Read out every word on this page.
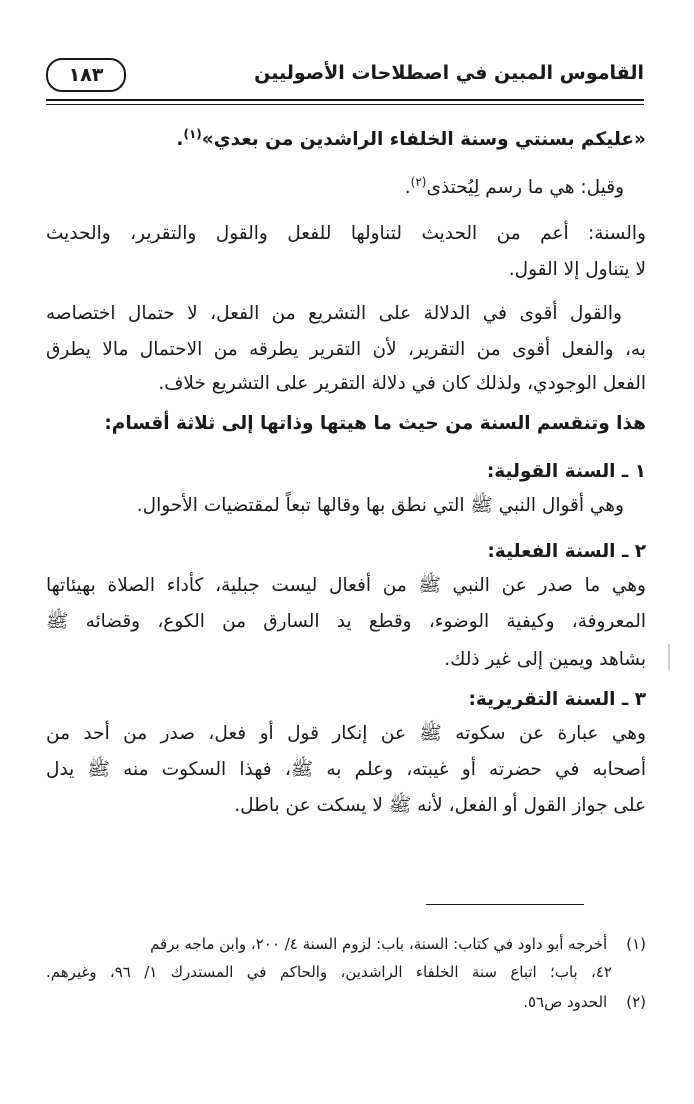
القاموس المبين في اصطلاحات الأصوليين
١٨٣
«عليكم بسنتي وسنة الخلفاء الراشدين من بعدي»$^{(١)}$.
وقيل: هي ما رسم لِيُحتذى$^{(٢)}$.
والسنة: أعم من الحديث لتناولها للفعل والقول والتقرير، والحديث
لا يتناول إلا القول.
والقول أقوى في الدلالة على التشريع من الفعل، لا حتمال اختصاصه
به، والفعل أقوى من التقرير، لأن التقرير يطرقه من الاحتمال مالا يطرق
الفعل الوجودي، ولذلك كان في دلالة التقرير على التشريع خلاف.
هذا وتنقسم السنة من حيث ما هيتها وذاتها إلى ثلاثة أقسام:
١ ـ السنة القولية:
وهي أقوال النبي ﷺ التي نطق بها وقالها تبعاً لمقتضيات الأحوال.
٢ ـ السنة الفعلية:
وهي ما صدر عن النبي ﷺ من أفعال ليست جبلية، كأداء الصلاة بهيئاتها
المعروفة، وكيفية الوضوء، وقطع يد السارق من الكوع، وقضائه ﷺ
بشاهد ويمين إلى غير ذلك.
٣ ـ السنة التقريرية:
وهي عبارة عن سكوته ﷺ عن إنكار قول أو فعل، صدر من أحد من
أصحابه في حضرته أو غيبته، وعلم به ﷺ، فهذا السكوت منه ﷺ يدل
على جواز القول أو الفعل، لأنه ﷺ لا يسكت عن باطل.
(١) أخرجه أبو داود في كتاب: السنة، باب: لزوم السنة ٤/ ٢٠٠، وابن ماجه برقم
٤٢، باب؛ اتباع سنة الخلفاء الراشدين، والحاكم في المستدرك ١/ ٩٦، وغيرهم.
(٢) الحدود ص٥٦.
